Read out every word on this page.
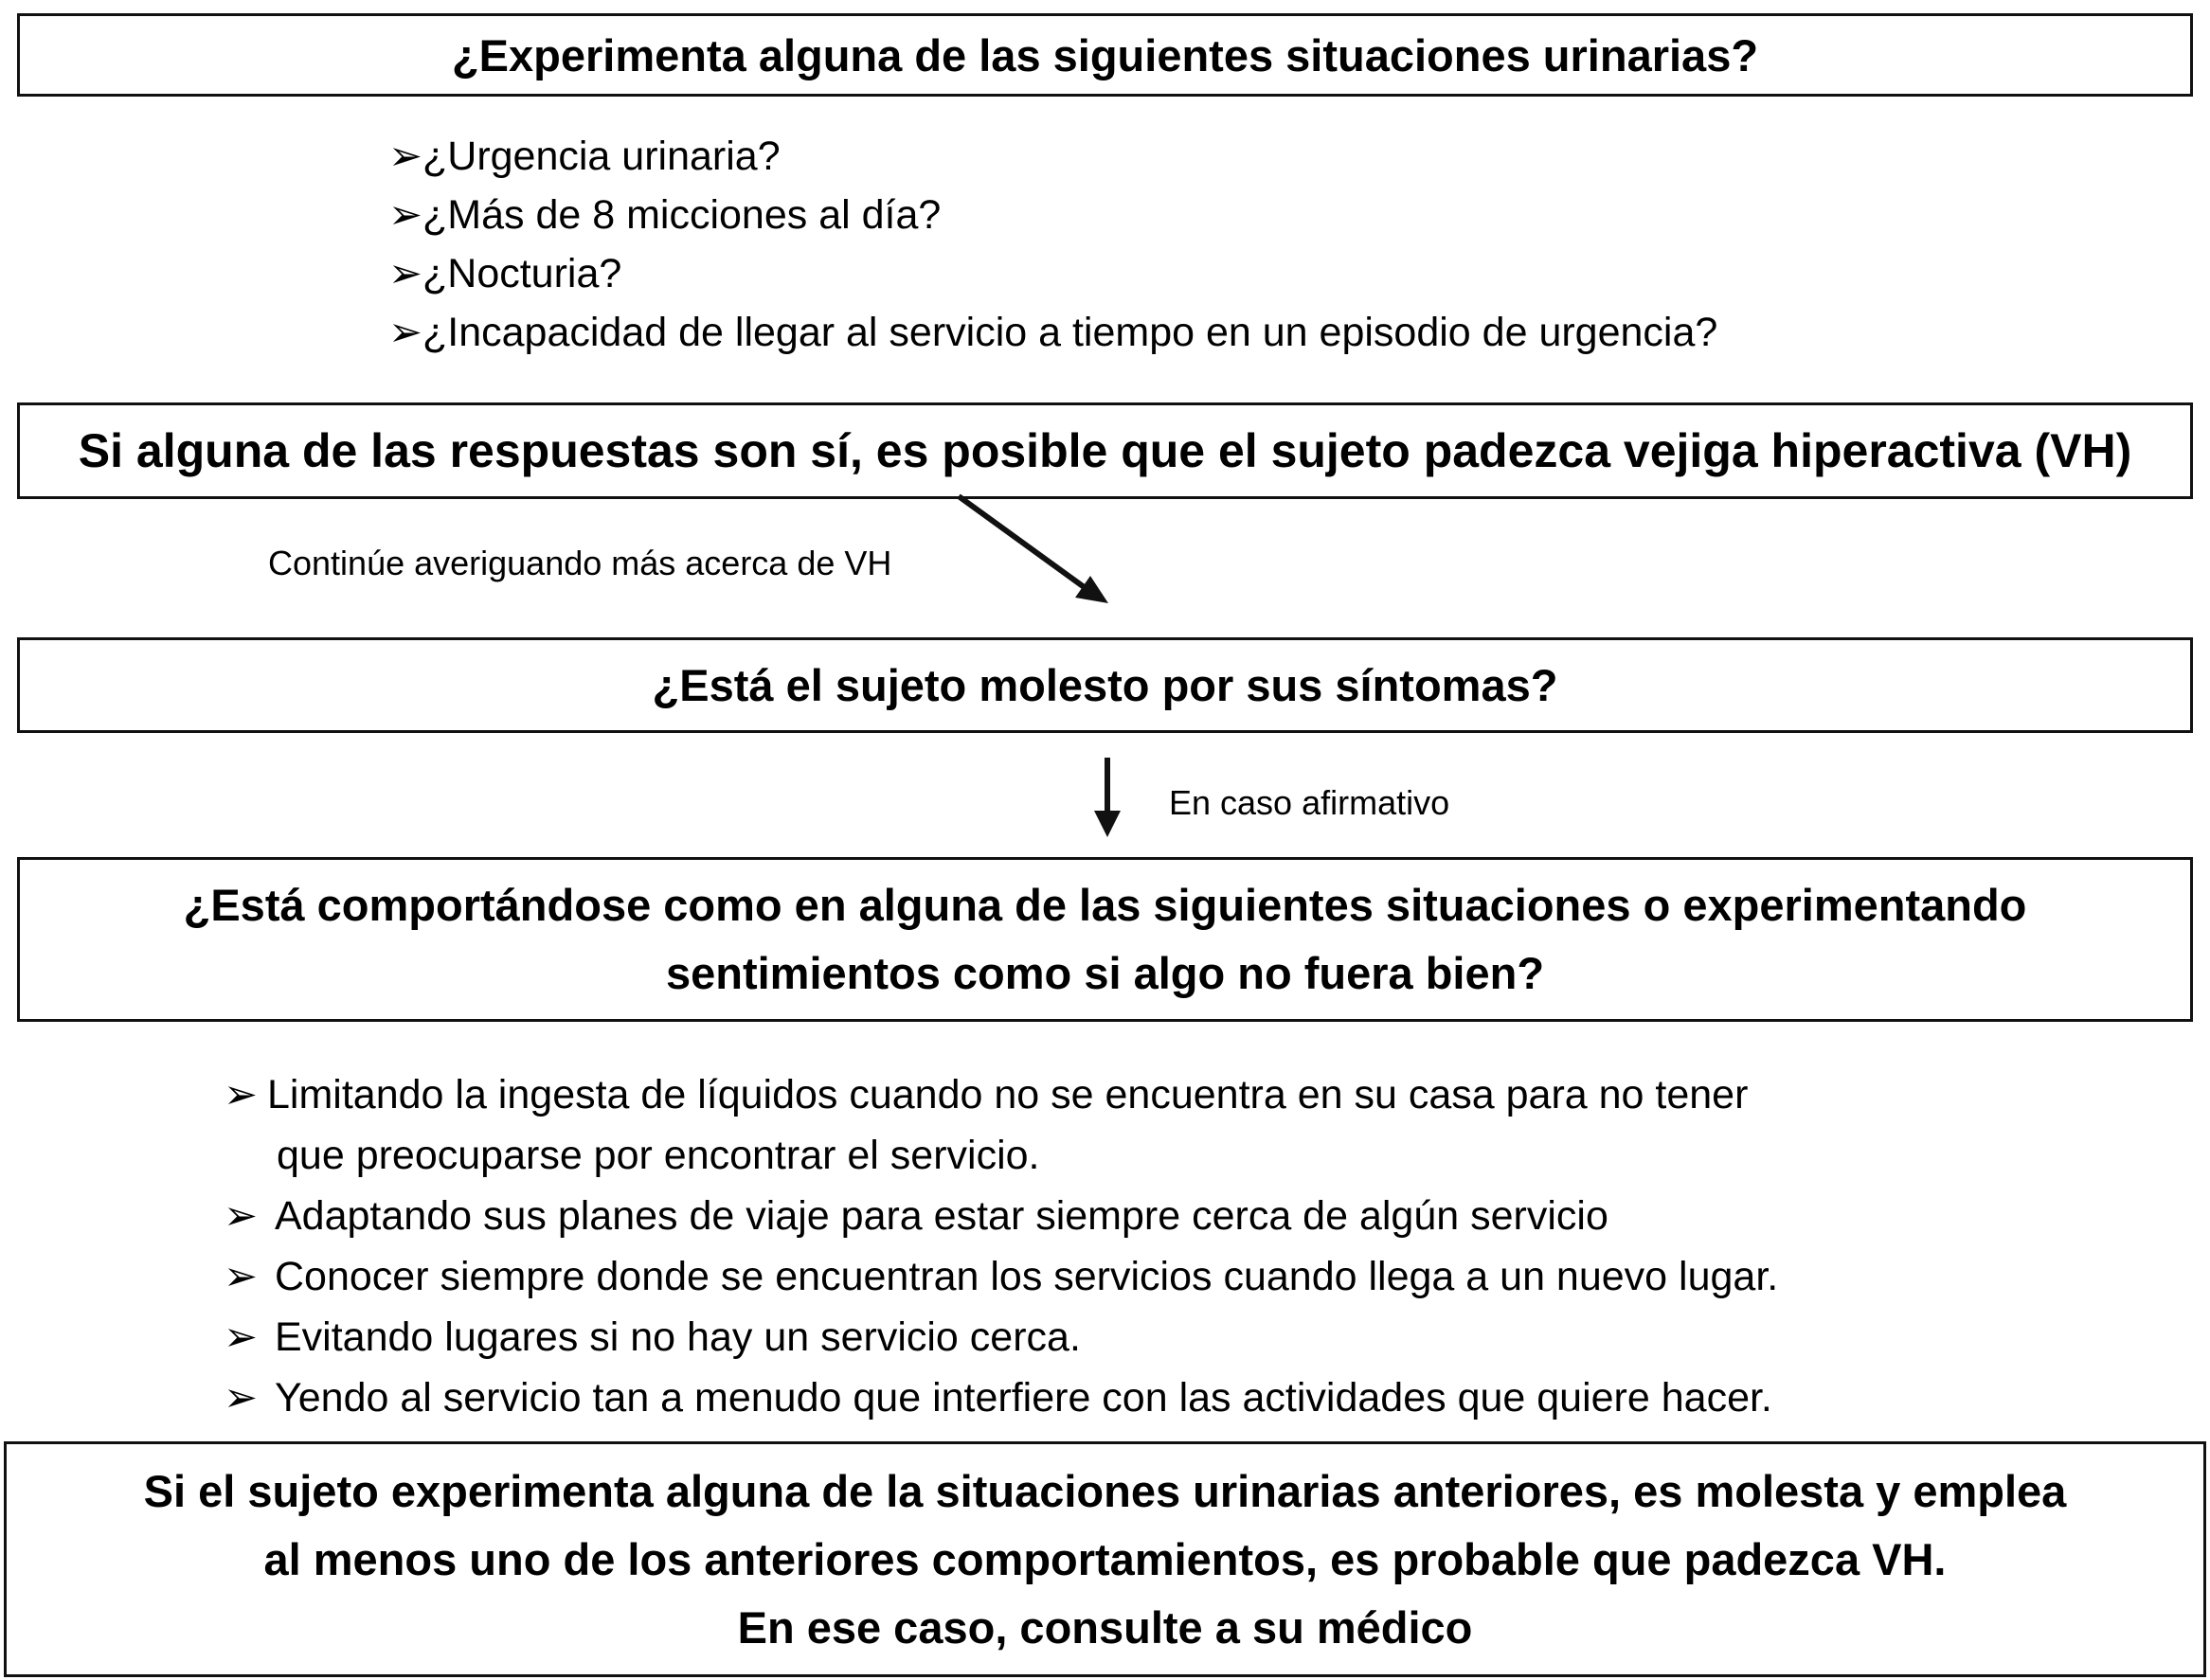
¿Experimenta alguna de las siguientes situaciones urinarias?
➢ ¿Urgencia urinaria?
➢ ¿Más de 8 micciones al día?
➢ ¿Nocturia?
➢ ¿Incapacidad de llegar al servicio a tiempo en un episodio de urgencia?
Si alguna de las respuestas son sí, es posible que el sujeto padezca vejiga hiperactiva (VH)
Continúe averiguando más acerca de VH
¿Está el sujeto molesto por sus síntomas?
En caso afirmativo
¿Está comportándose como en alguna de las siguientes situaciones o experimentando
sentimientos como si algo no fuera bien?
➢ Limitando la ingesta de líquidos cuando no se encuentra en su casa para no tener
que preocuparse por encontrar el servicio.
➢ Adaptando sus planes de viaje para estar siempre cerca de algún servicio
➢ Conocer siempre donde se encuentran los servicios cuando llega a un nuevo lugar.
➢ Evitando lugares si no hay un servicio cerca.
➢ Yendo al servicio tan a menudo que interfiere con las actividades que quiere hacer.
Si el sujeto experimenta alguna de la situaciones urinarias anteriores, es molesta y emplea
al menos uno de los anteriores comportamientos, es probable que padezca VH.
En ese caso, consulte a su médico
